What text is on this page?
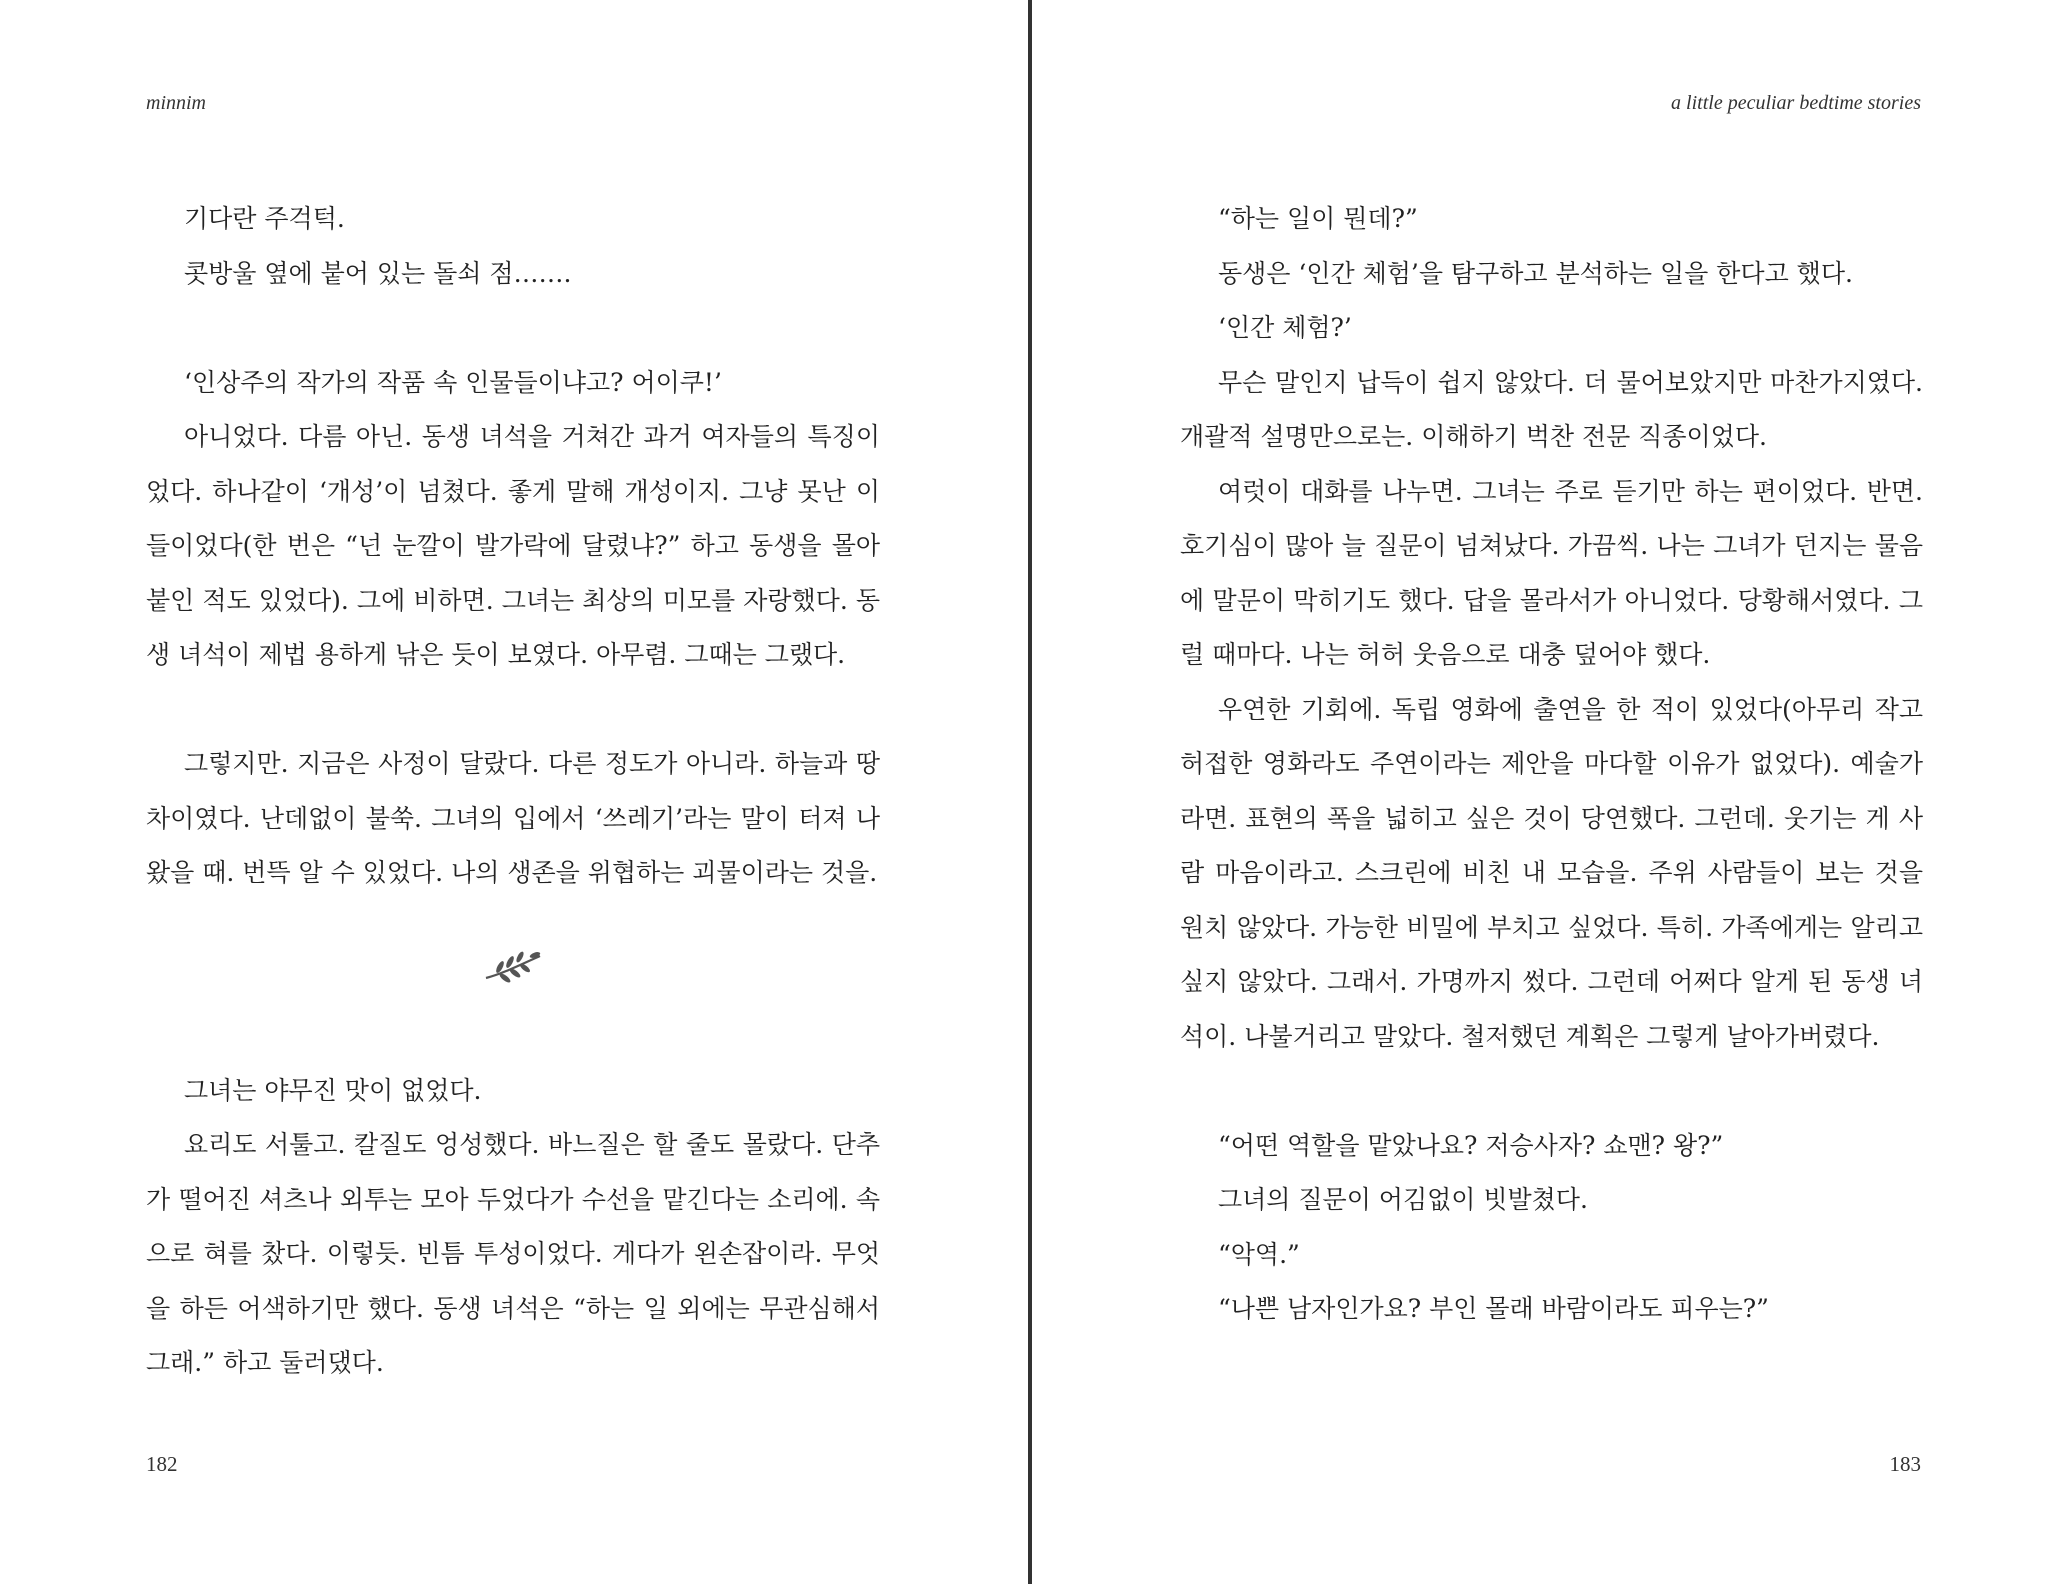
minnim

기다란 주걱턱.

콧방울 옆에 붙어 있는 돌쇠 점…….

‘인상주의 작가의 작품 속 인물들이냐고? 어이쿠!’

아니었다. 다름 아닌. 동생 녀석을 거쳐간 과거 여자들의 특징이었다. 하나같이 ‘개성’이 넘쳤다. 좋게 말해 개성이지. 그냥 못난 이들이었다(한 번은 “넌 눈깔이 발가락에 달렸냐?” 하고 동생을 몰아붙인 적도 있었다). 그에 비하면. 그녀는 최상의 미모를 자랑했다. 동생 녀석이 제법 용하게 낚은 듯이 보였다. 아무렴. 그때는 그랬다.

그렇지만. 지금은 사정이 달랐다. 다른 정도가 아니라. 하늘과 땅 차이였다. 난데없이 불쑥. 그녀의 입에서 ‘쓰레기’라는 말이 터져 나왔을 때. 번뜩 알 수 있었다. 나의 생존을 위협하는 괴물이라는 것을.

그녀는 야무진 맛이 없었다.

요리도 서툴고. 칼질도 엉성했다. 바느질은 할 줄도 몰랐다. 단추가 떨어진 셔츠나 외투는 모아 두었다가 수선을 맡긴다는 소리에. 속으로 혀를 찼다. 이렇듯. 빈틈 투성이었다. 게다가 왼손잡이라. 무엇을 하든 어색하기만 했다. 동생 녀석은 “하는 일 외에는 무관심해서 그래.” 하고 둘러댔다.

182
a little peculiar bedtime stories

“하는 일이 뭔데?”

동생은 ‘인간 체험’을 탐구하고 분석하는 일을 한다고 했다.

‘인간 체험?’

무슨 말인지 납득이 쉽지 않았다. 더 물어보았지만 마찬가지였다. 개괄적 설명만으로는. 이해하기 벅찬 전문 직종이었다.

여럿이 대화를 나누면. 그녀는 주로 듣기만 하는 편이었다. 반면. 호기심이 많아 늘 질문이 넘쳐났다. 가끔씩. 나는 그녀가 던지는 물음에 말문이 막히기도 했다. 답을 몰라서가 아니었다. 당황해서였다. 그럴 때마다. 나는 허허 웃음으로 대충 덮어야 했다.

우연한 기회에. 독립 영화에 출연을 한 적이 있었다(아무리 작고 허접한 영화라도 주연이라는 제안을 마다할 이유가 없었다). 예술가라면. 표현의 폭을 넓히고 싶은 것이 당연했다. 그런데. 웃기는 게 사람 마음이라고. 스크린에 비친 내 모습을. 주위 사람들이 보는 것을 원치 않았다. 가능한 비밀에 부치고 싶었다. 특히. 가족에게는 알리고 싶지 않았다. 그래서. 가명까지 썼다. 그런데 어쩌다 알게 된 동생 녀석이. 나불거리고 말았다. 철저했던 계획은 그렇게 날아가버렸다.

“어떤 역할을 맡았나요? 저승사자? 쇼맨? 왕?”

그녀의 질문이 어김없이 빗발쳤다.

“악역.”

“나쁜 남자인가요? 부인 몰래 바람이라도 피우는?”

183
